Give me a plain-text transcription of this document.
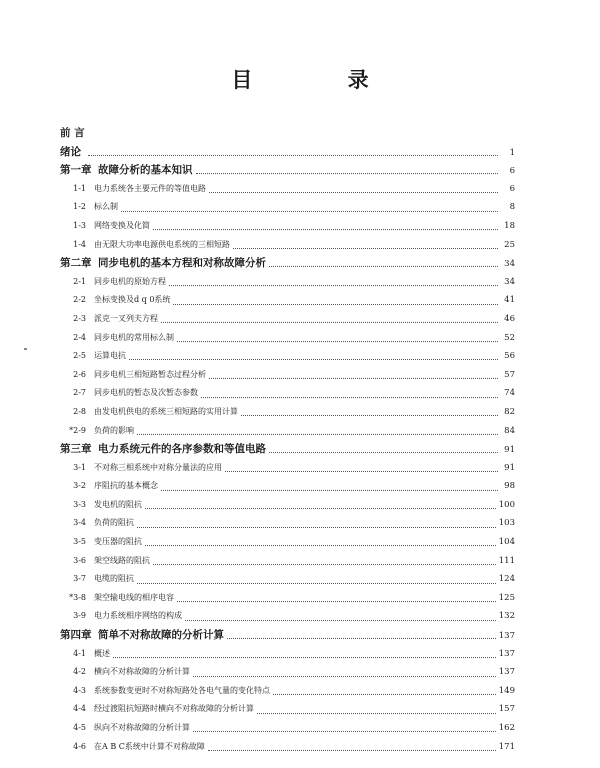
目 录
前 言
绪论	1
第一章 故障分析的基本知识	6
1-1	电力系统各主要元件的等值电路	6
1-2	标么制	8
1-3	网络变换及化简	18
1-4	由无限大功率电源供电系统的三相短路	25
第二章 同步电机的基本方程和对称故障分析	34
2-1	同步电机的原始方程	34
2-2	坐标变换及d q 0系统	41
2-3	派克一叉列夫方程	46
2-4	同步电机的常用标么制	52
2-5	运算电抗	56
2-6	同步电机三相短路暂态过程分析	57
2-7	同步电机的暂态及次暂态参数	74
2-8	由发电机供电的系统三相短路的实用计算	82
*2-9	负荷的影响	84
第三章 电力系统元件的各序参数和等值电路	91
3-1	不对称三相系统中对称分量法的应用	91
3-2	序阻抗的基本概念	98
3-3	发电机的阻抗	100
3-4	负荷的阻抗	103
3-5	变压器的阻抗	104
3-6	架空线路的阻抗	111
3-7	电缆的阻抗	124
*3-8	架空输电线的相序电容	125
3-9	电力系统相序网络的构成	132
第四章 简单不对称故障的分析计算	137
4-1	概述	137
4-2	横向不对称故障的分析计算	137
4-3	系统参数变更时不对称短路处各电气量的变化特点	149
4-4	经过渡阻抗短路时横向不对称故障的分析计算	157
4-5	纵向不对称故障的分析计算	162
4-6	在A B C系统中计算不对称故障	171
